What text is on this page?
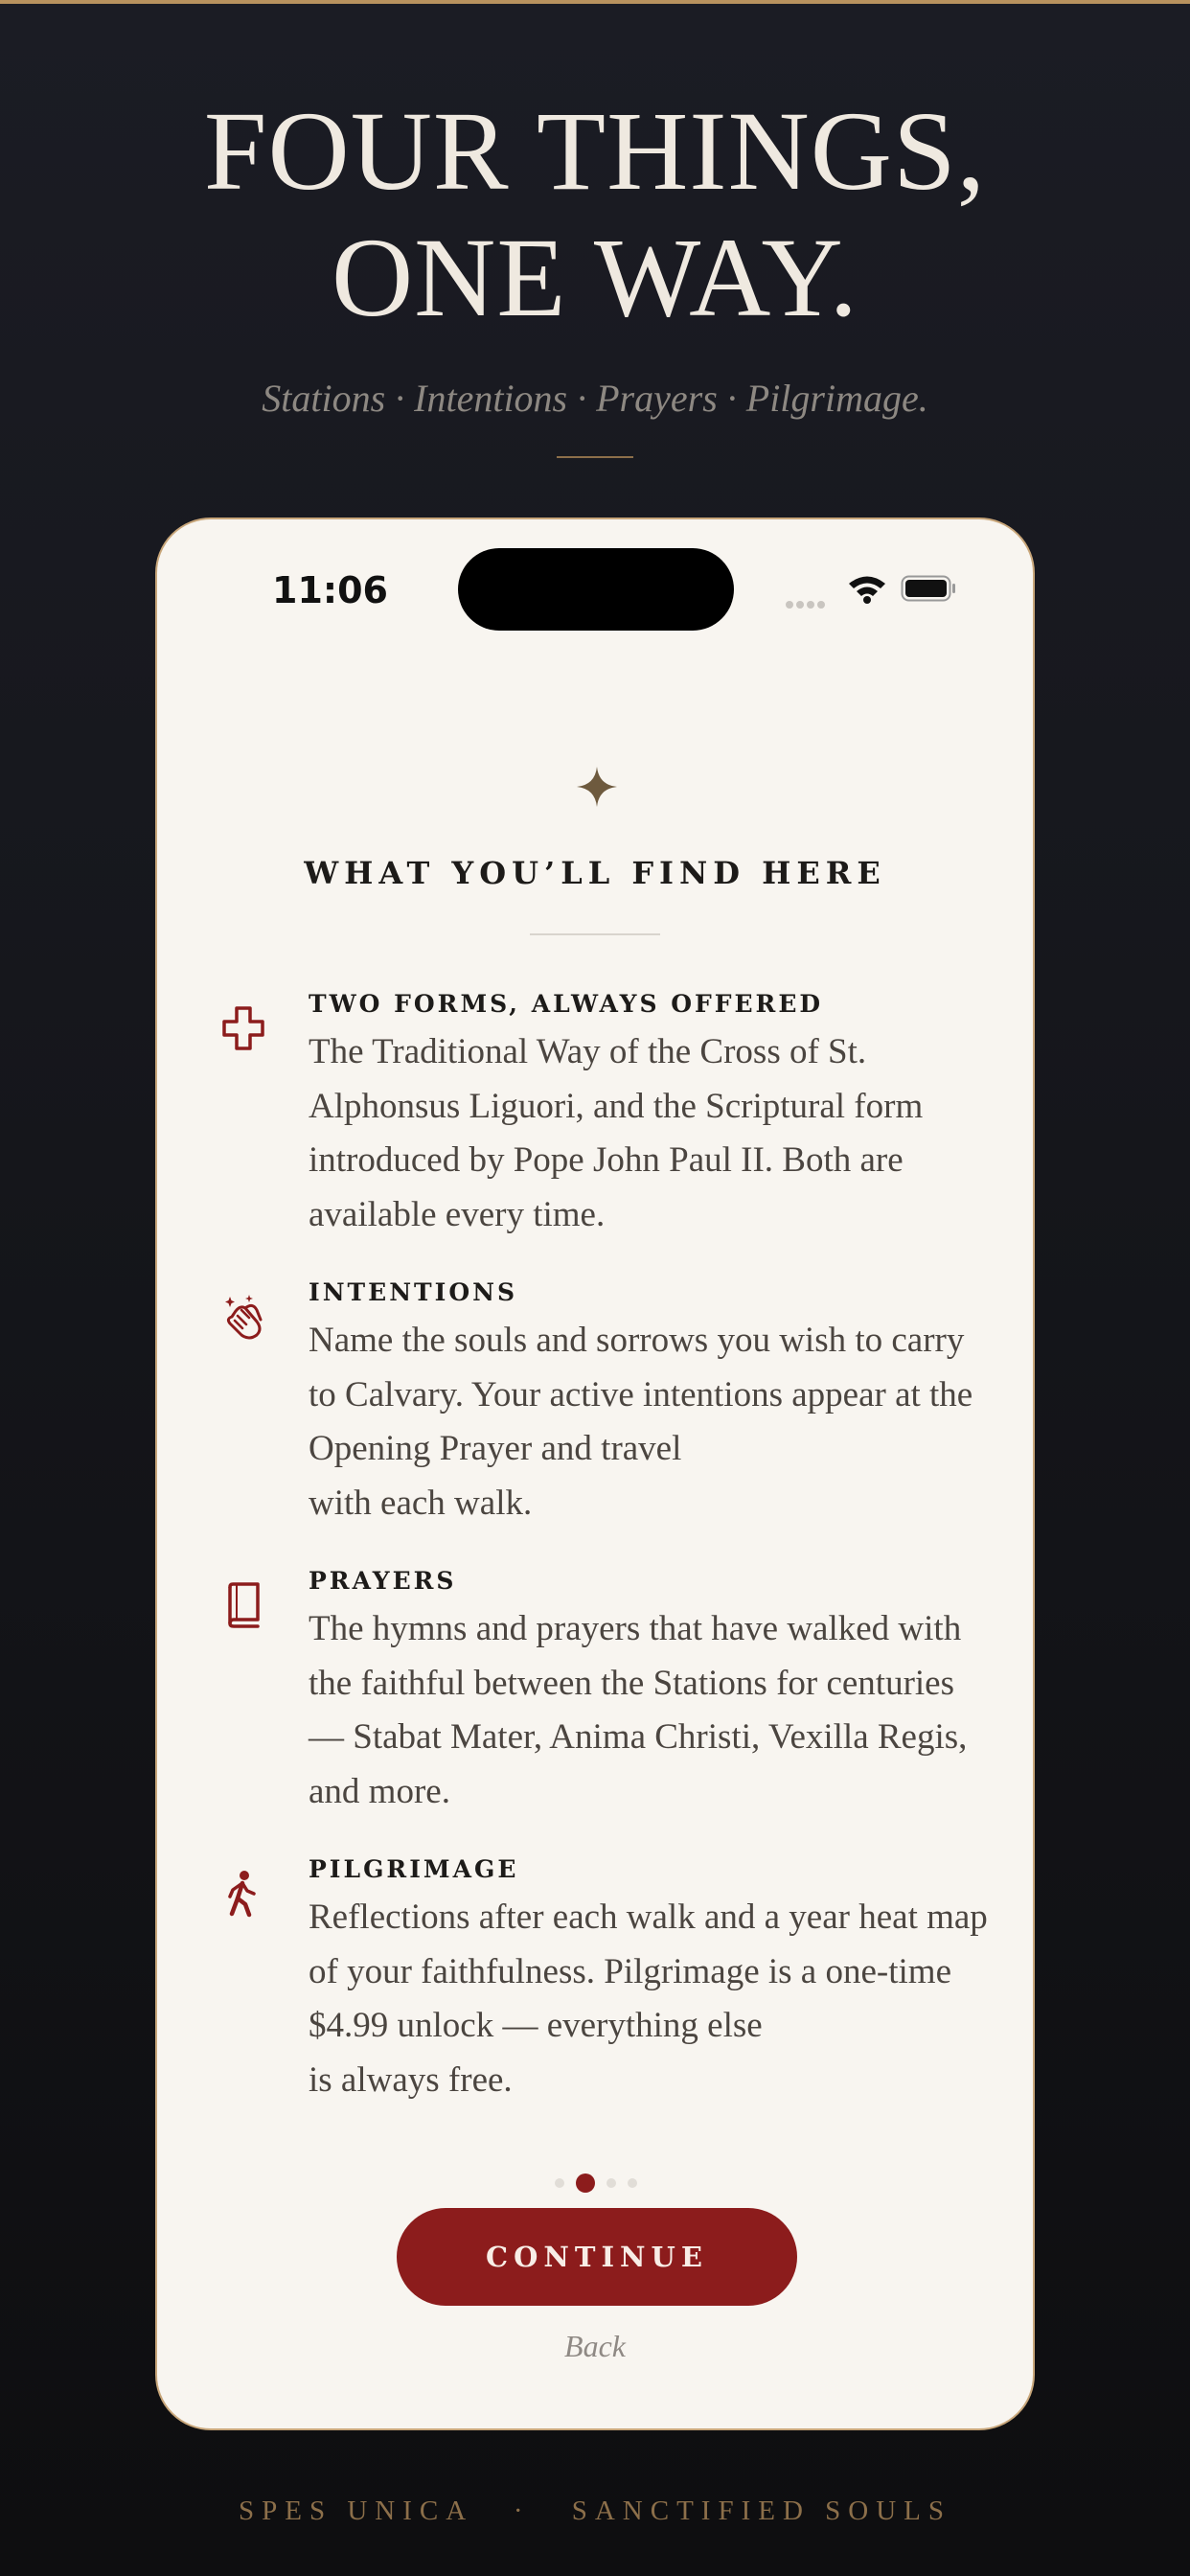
FOUR THINGS,
ONE WAY.
Stations · Intentions · Prayers · Pilgrimage.
11:06
WHAT YOU’LL FIND HERE
TWO FORMS, ALWAYS OFFERED
The Traditional Way of the Cross of St. Alphonsus Liguori, and the Scriptural form introduced by Pope John Paul II. Both are available every time.
INTENTIONS
Name the souls and sorrows you wish to carry to Calvary. Your active intentions appear at the Opening Prayer and travel
with each walk.
PRAYERS
The hymns and prayers that have walked with the faithful between the Stations for centuries — Stabat Mater, Anima Christi, Vexilla Regis, and more.
PILGRIMAGE
Reflections after each walk and a year heat map of your faithfulness. Pilgrimage is a one-time $4.99 unlock — everything else
is always free.
CONTINUE
Back
SPES UNICA · SANCTIFIED SOULS
